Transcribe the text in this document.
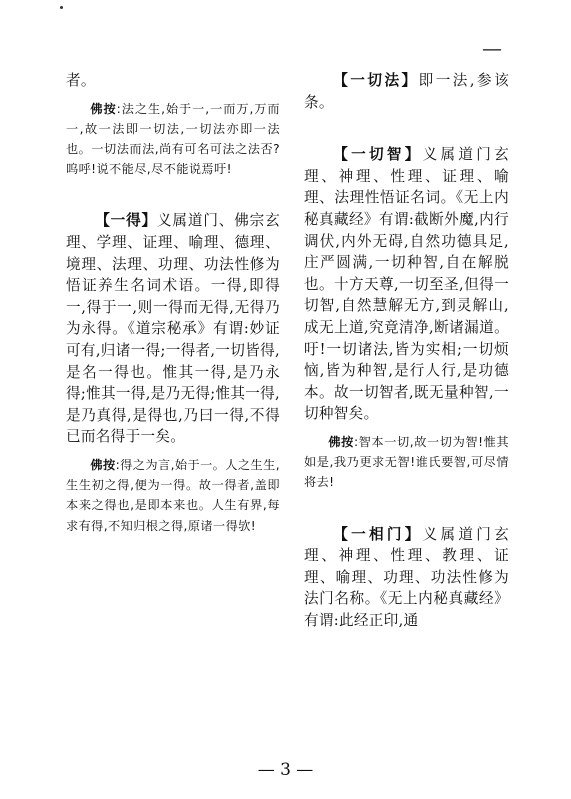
—

者。

佛按:法之生,始于一,一而万,万而一,故一法即一切法,一切法亦即一法也。一切法而法,尚有可名可法之法否?呜呼!说不能尽,尽不能说焉吁!

【一得】义属道门、佛宗玄理、学理、证理、喻理、德理、境理、法理、功理、功法性修为悟证养生名词术语。一得,即得一,得于一,则一得而无得,无得乃为永得。《道宗秘承》有谓:妙证可有,归诸一得;一得者,一切皆得,是名一得也。惟其一得,是乃永得;惟其一得,是乃无得;惟其一得,是乃真得,是得也,乃曰一得,不得已而名得于一矣。

佛按:得之为言,始于一。人之生生,生生初之得,便为一得。故一得者,盖即本来之得也,是即本来也。人生有界,每求有得,不知归根之得,原诸一得欤!

【一切法】即一法,参该条。

【一切智】义属道门玄理、神理、性理、证理、喻理、法理性悟证名词。《无上内秘真藏经》有谓:截断外魔,内行调伏,内外无碍,自然功德具足,庄严圆满,一切种智,自在解脱也。十方天尊,一切至圣,但得一切智,自然慧解无方,到灵解山,成无上道,究竟清净,断诸漏道。吁!一切诸法,皆为实相;一切烦恼,皆为种智,是行人行,是功德本。故一切智者,既无量种智,一切种智矣。

佛按:智本一切,故一切为智!惟其如是,我乃更求无智!谁氏要智,可尽情将去!

【一相门】义属道门玄理、神理、性理、教理、证理、喻理、功理、功法性修为法门名称。《无上内秘真藏经》有谓:此经正印,通

— 3 —
